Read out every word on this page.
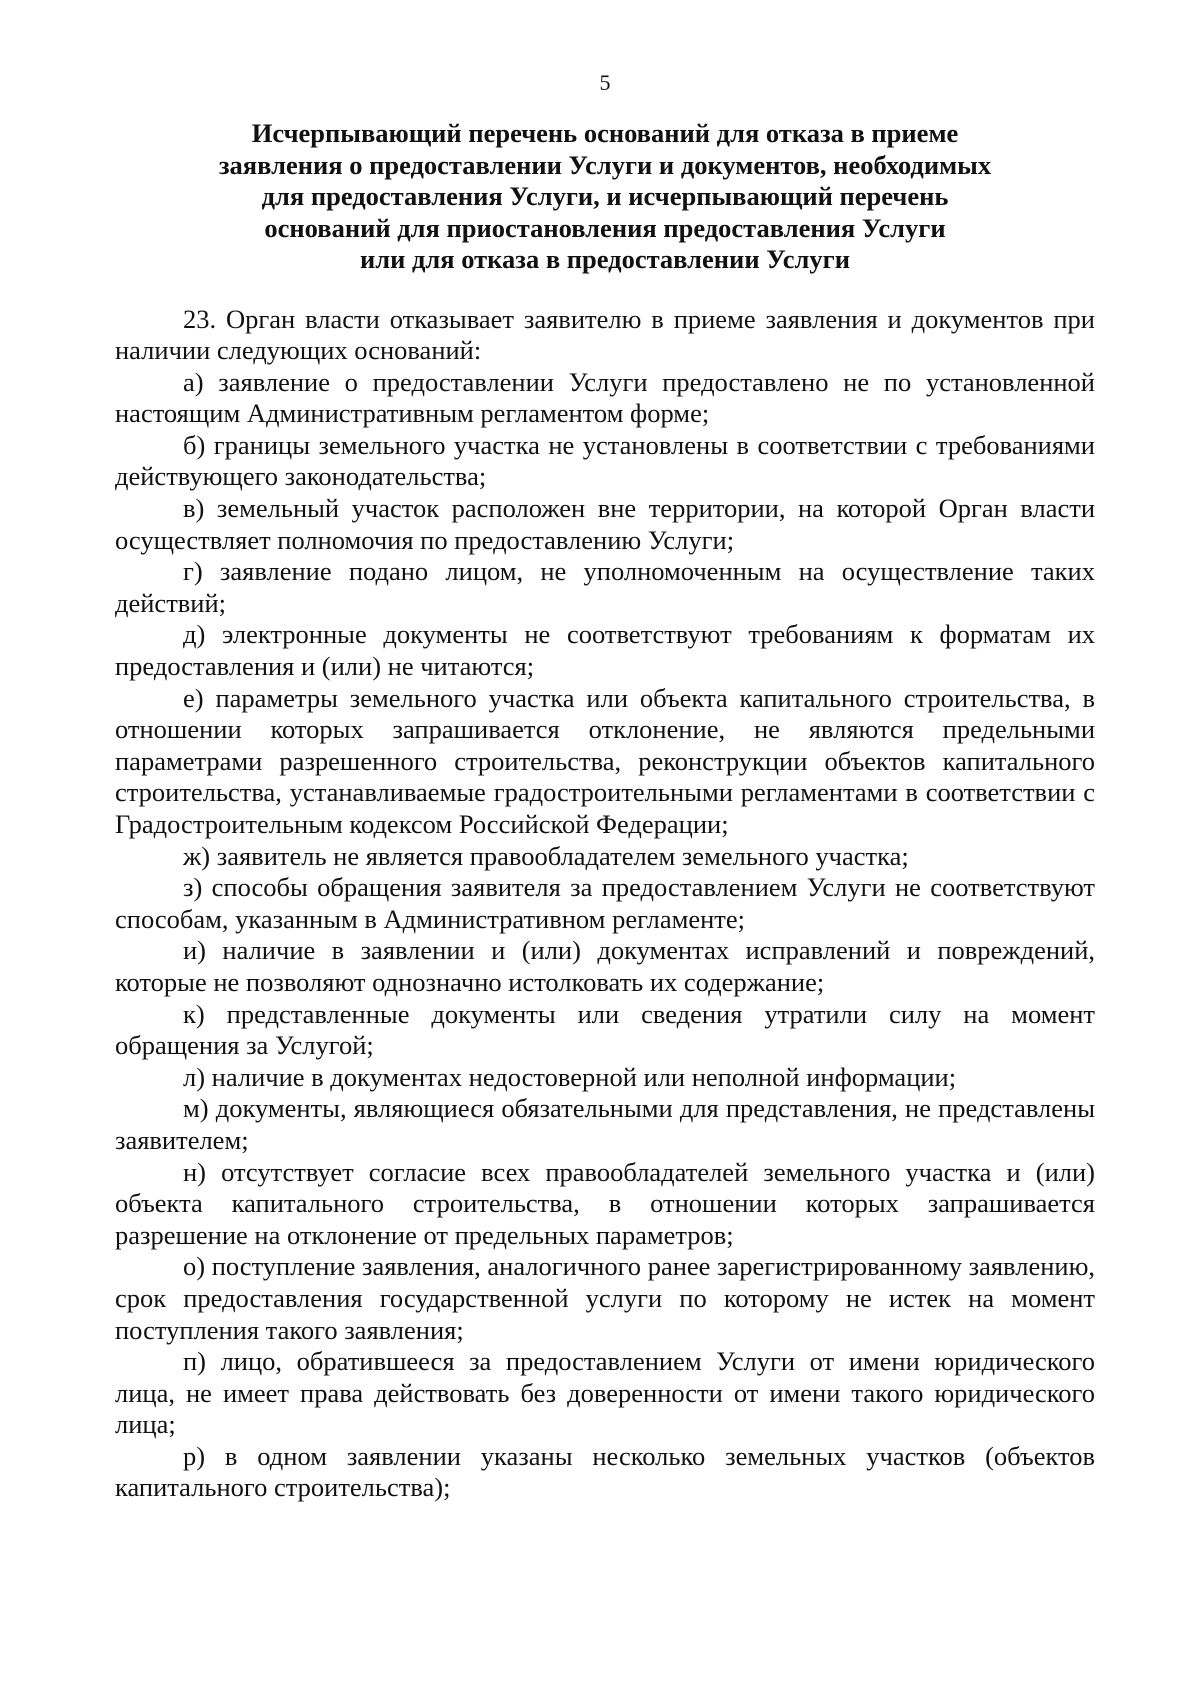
5
Исчерпывающий перечень оснований для отказа в приеме
заявления о предоставлении Услуги и документов, необходимых
для предоставления Услуги, и исчерпывающий перечень
оснований для приостановления предоставления Услуги
или для отказа в предоставлении Услуги

23. Орган власти отказывает заявителю в приеме заявления и документов при наличии следующих оснований:

а) заявление о предоставлении Услуги предоставлено не по установленной настоящим Административным регламентом форме;

б) границы земельного участка не установлены в соответствии с требованиями действующего законодательства;

в) земельный участок расположен вне территории, на которой Орган власти осуществляет полномочия по предоставлению Услуги;

г) заявление подано лицом, не уполномоченным на осуществление таких действий;

д) электронные документы не соответствуют требованиям к форматам их предоставления и (или) не читаются;

е) параметры земельного участка или объекта капитального строительства, в отношении которых запрашивается отклонение, не являются предельными параметрами разрешенного строительства, реконструкции объектов капитального строительства, устанавливаемые градостроительными регламентами в соответствии с Градостроительным кодексом Российской Федерации;

ж) заявитель не является правообладателем земельного участка;

з) способы обращения заявителя за предоставлением Услуги не соответствуют способам, указанным в Административном регламенте;

и) наличие в заявлении и (или) документах исправлений и повреждений, которые не позволяют однозначно истолковать их содержание;

к) представленные документы или сведения утратили силу на момент обращения за Услугой;

л) наличие в документах недостоверной или неполной информации;

м) документы, являющиеся обязательными для представления, не представлены заявителем;

н) отсутствует согласие всех правообладателей земельного участка и (или) объекта капитального строительства, в отношении которых запрашивается разрешение на отклонение от предельных параметров;

о) поступление заявления, аналогичного ранее зарегистрированному заявлению, срок предоставления государственной услуги по которому не истек на момент поступления такого заявления;

п) лицо, обратившееся за предоставлением Услуги от имени юридического лица, не имеет права действовать без доверенности от имени такого юридического лица;

р) в одном заявлении указаны несколько земельных участков (объектов капитального строительства);
